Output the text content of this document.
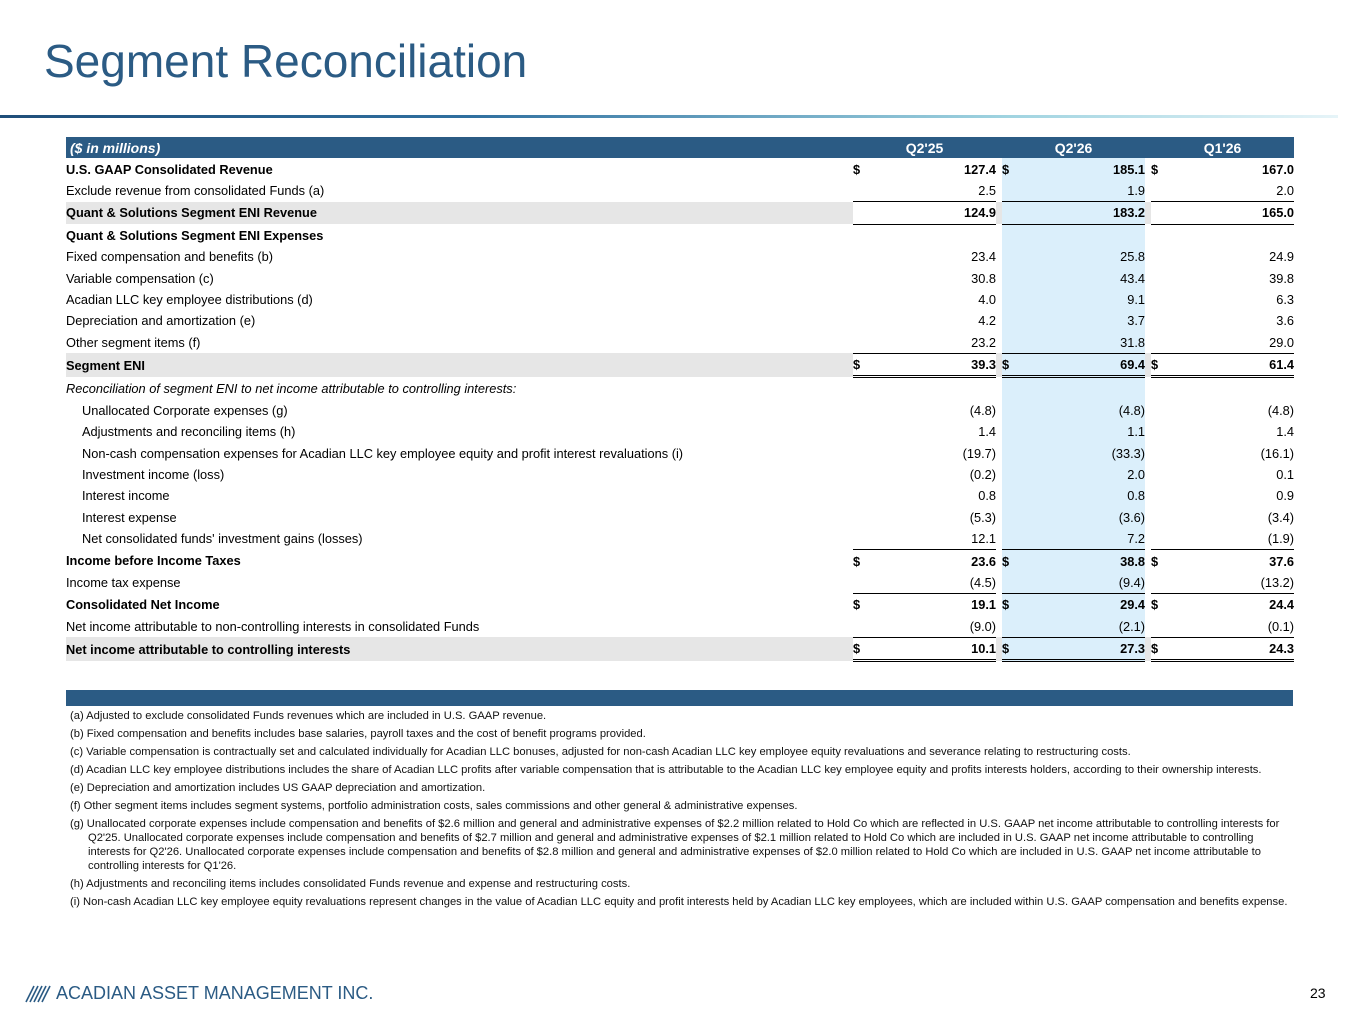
Segment Reconciliation
($ in millions)	Q2'25			Q2'26			Q1'26	
U.S. GAAP Consolidated Revenue	$	127.4		$	185.1		$	167.0
Exclude revenue from consolidated Funds (a)		2.5			1.9			2.0
Quant & Solutions Segment ENI Revenue		124.9			183.2			165.0
Quant & Solutions Segment ENI Expenses								
Fixed compensation and benefits (b)		23.4			25.8			24.9
Variable compensation (c)		30.8			43.4			39.8
Acadian LLC key employee distributions (d)		4.0			9.1			6.3
Depreciation and amortization (e)		4.2			3.7			3.6
Other segment items (f)		23.2			31.8			29.0
Segment ENI	$	39.3		$	69.4		$	61.4
Reconciliation of segment ENI to net income attributable to controlling interests:								
Unallocated Corporate expenses (g)		(4.8)			(4.8)			(4.8)
Adjustments and reconciling items (h)		1.4			1.1			1.4
Non-cash compensation expenses for Acadian LLC key employee equity and profit interest revaluations (i)		(19.7)			(33.3)			(16.1)
Investment income (loss)		(0.2)			2.0			0.1
Interest income		0.8			0.8			0.9
Interest expense		(5.3)			(3.6)			(3.4)
Net consolidated funds' investment gains (losses)		12.1			7.2			(1.9)
Income before Income Taxes	$	23.6		$	38.8		$	37.6
Income tax expense		(4.5)			(9.4)			(13.2)
Consolidated Net Income	$	19.1		$	29.4		$	24.4
Net income attributable to non-controlling interests in consolidated Funds		(9.0)			(2.1)			(0.1)
Net income attributable to controlling interests	$	10.1		$	27.3		$	24.3

(a) Adjusted to exclude consolidated Funds revenues which are included in U.S. GAAP revenue.

(b) Fixed compensation and benefits includes base salaries, payroll taxes and the cost of benefit programs provided.

(c) Variable compensation is contractually set and calculated individually for Acadian LLC bonuses, adjusted for non-cash Acadian LLC key employee equity revaluations and severance relating to restructuring costs.

(d) Acadian LLC key employee distributions includes the share of Acadian LLC profits after variable compensation that is attributable to the Acadian LLC key employee equity and profits interests holders, according to their ownership interests.

(e) Depreciation and amortization includes US GAAP depreciation and amortization.

(f) Other segment items includes segment systems, portfolio administration costs, sales commissions and other general & administrative expenses.

(g) Unallocated corporate expenses include compensation and benefits of $2.6 million and general and administrative expenses of $2.2 million related to Hold Co which are reflected in U.S. GAAP net income attributable to controlling interests for Q2'25. Unallocated corporate expenses include compensation and benefits of $2.7 million and general and administrative expenses of $2.1 million related to Hold Co which are included in U.S. GAAP net income attributable to controlling interests for Q2'26. Unallocated corporate expenses include compensation and benefits of $2.8 million and general and administrative expenses of $2.0 million related to Hold Co which are included in U.S. GAAP net income attributable to controlling interests for Q1'26.

(h) Adjustments and reconciling items includes consolidated Funds revenue and expense and restructuring costs.

(i) Non-cash Acadian LLC key employee equity revaluations represent changes in the value of Acadian LLC equity and profit interests held by Acadian LLC key employees, which are included within U.S. GAAP compensation and benefits expense.

ACADIAN ASSET MANAGEMENT INC.	23
